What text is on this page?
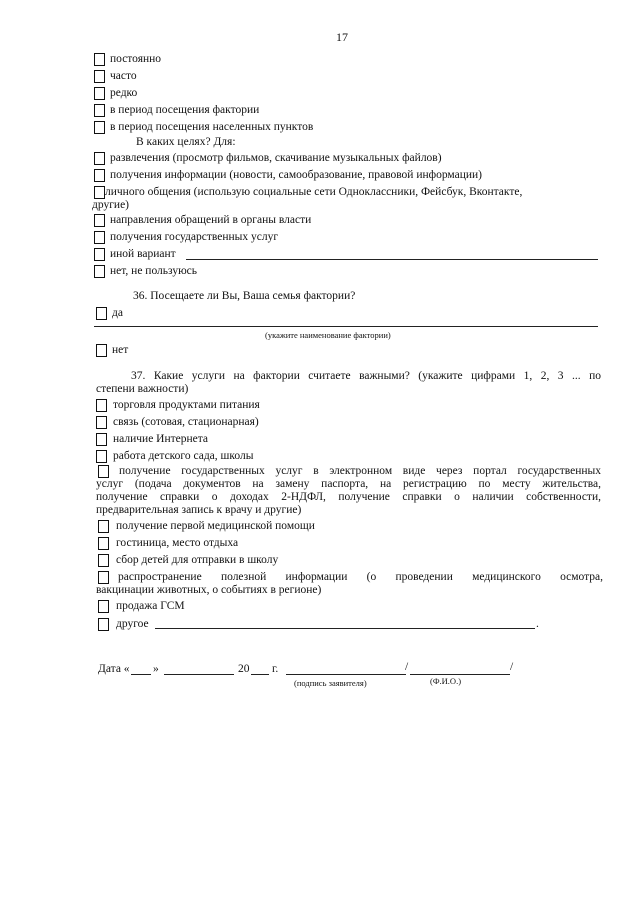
17
постоянно
часто
редко
в период посещения фактории
в период посещения населенных пунктов
В каких целях? Для:
развлечения (просмотр фильмов, скачивание музыкальных файлов)
получения информации (новости, самообразование, правовой информации)
личного общения (использую социальные сети Одноклассники, Фейсбук, Вконтакте,
другие)
направления обращений в органы власти
получения государственных услуг
иной вариант
нет, не пользуюсь
36. Посещаете ли Вы, Ваша семья фактории?
да
(укажите наименование фактории)
нет
37. Какие услуги на фактории считаете важными? (укажите цифрами 1, 2, 3 ... по
степени важности)
торговля продуктами питания
связь (сотовая, стационарная)
наличие Интернета
работа детского сада, школы
получение государственных услуг в электронном виде через портал государственных
услуг (подача документов на замену паспорта, на регистрацию по месту жительства,
получение справки о доходах 2-НДФЛ, получение справки о наличии собственности,
предварительная запись к врачу и другие)
получение первой медицинской помощи
гостиница, место отдыха
сбор детей для отправки в школу
распространение полезной информации (о проведении медицинского осмотра,
вакцинации животных, о событиях в регионе)
продажа ГСМ
другое	.
Дата « »	20 г.	/	/
(подпись заявителя)	(Ф.И.О.)
